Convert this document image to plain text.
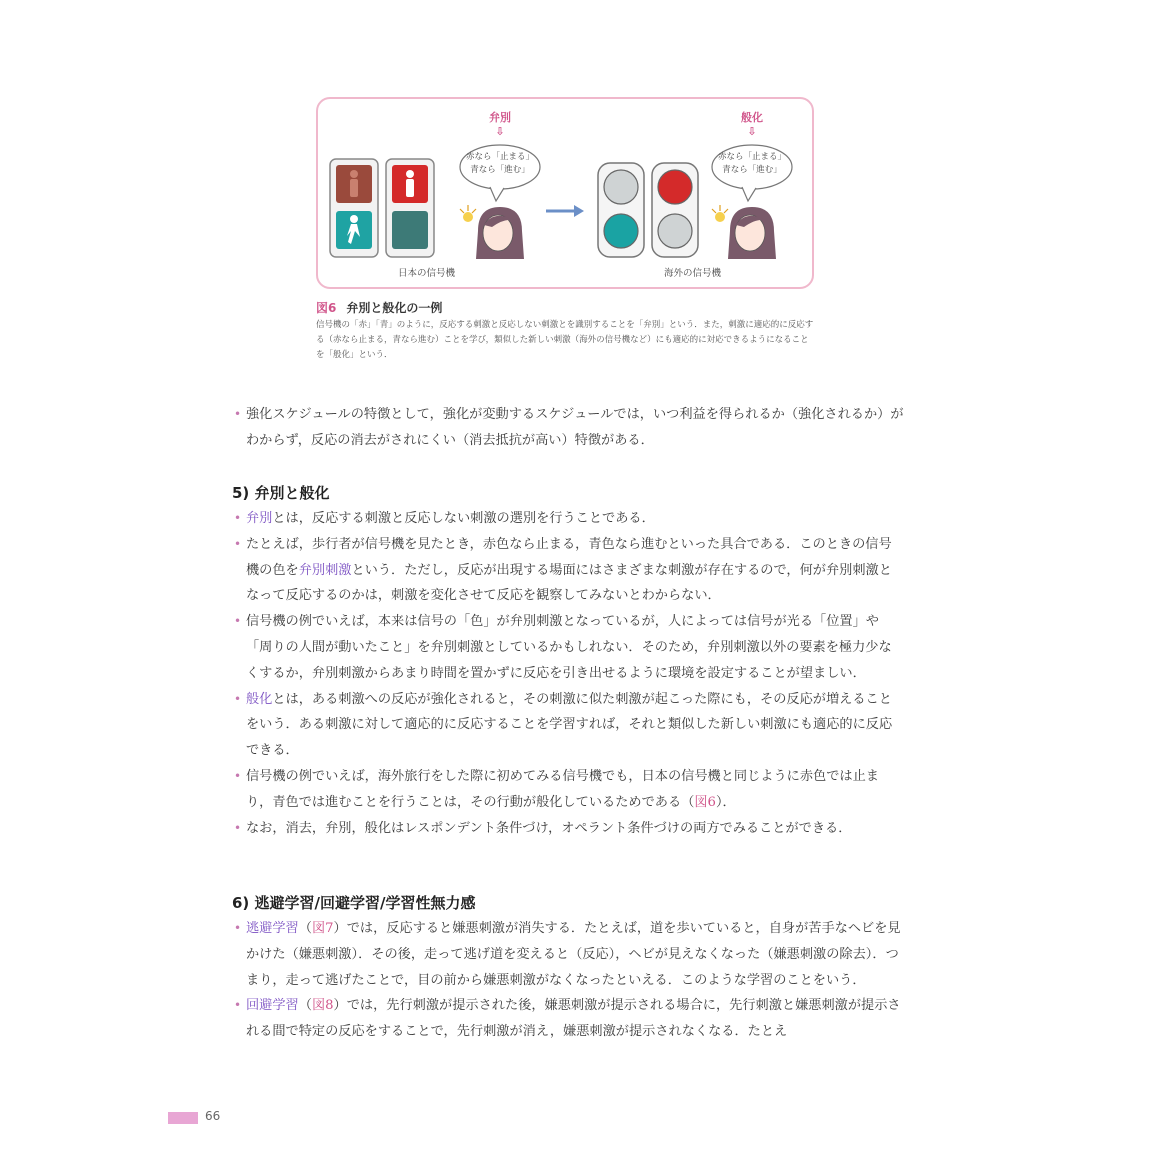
弁別
⇩
般化
⇩
赤なら「止まる」
青なら「進む」
赤なら「止まる」
青なら「進む」
日本の信号機	海外の信号機
図6 弁別と般化の一例
信号機の「赤」「青」のように，反応する刺激と反応しない刺激とを識別することを「弁別」という．また，刺激に適応的に反応する（赤なら止まる，青なら進む）ことを学び，類似した新しい刺激（海外の信号機など）にも適応的に対応できるようになることを「般化」という．
• 強化スケジュールの特徴として，強化が変動するスケジュールでは，いつ利益を得られるか（強化されるか）がわからず，反応の消去がされにくい（消去抵抗が高い）特徴がある．
5) 弁別と般化
• 弁別とは，反応する刺激と反応しない刺激の選別を行うことである．
• たとえば，歩行者が信号機を見たとき，赤色なら止まる，青色なら進むといった具合である．このときの信号機の色を弁別刺激という．ただし，反応が出現する場面にはさまざまな刺激が存在するので，何が弁別刺激となって反応するのかは，刺激を変化させて反応を観察してみないとわからない．
• 信号機の例でいえば，本来は信号の「色」が弁別刺激となっているが，人によっては信号が光る「位置」や「周りの人間が動いたこと」を弁別刺激としているかもしれない．そのため，弁別刺激以外の要素を極力少なくするか，弁別刺激からあまり時間を置かずに反応を引き出せるように環境を設定することが望ましい．
• 般化とは，ある刺激への反応が強化されると，その刺激に似た刺激が起こった際にも，その反応が増えることをいう．ある刺激に対して適応的に反応することを学習すれば，それと類似した新しい刺激にも適応的に反応できる．
• 信号機の例でいえば，海外旅行をした際に初めてみる信号機でも，日本の信号機と同じように赤色では止まり，青色では進むことを行うことは，その行動が般化しているためである（図6）．
• なお，消去，弁別，般化はレスポンデント条件づけ，オペラント条件づけの両方でみることができる．
6) 逃避学習/回避学習/学習性無力感
• 逃避学習（図7）では，反応すると嫌悪刺激が消失する．たとえば，道を歩いていると，自身が苦手なヘビを見かけた（嫌悪刺激）．その後，走って逃げ道を変えると（反応），ヘビが見えなくなった（嫌悪刺激の除去）．つまり，走って逃げたことで，目の前から嫌悪刺激がなくなったといえる．このような学習のことをいう．
• 回避学習（図8）では，先行刺激が提示された後，嫌悪刺激が提示される場合に，先行刺激と嫌悪刺激が提示される間で特定の反応をすることで，先行刺激が消え，嫌悪刺激が提示されなくなる．たとえ
66
